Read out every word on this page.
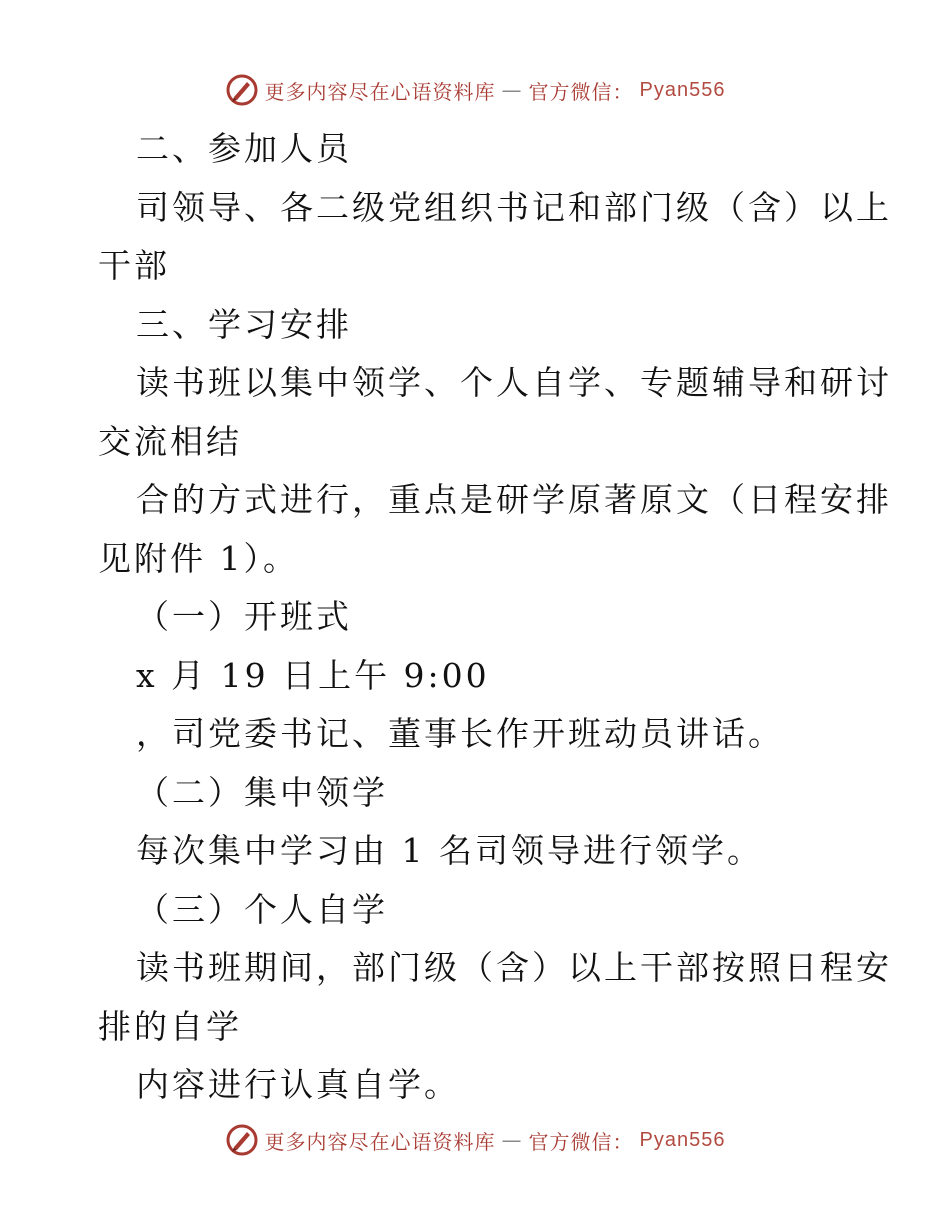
更多内容尽在心语资料库 — 官方微信： Pyan556
二、参加人员
司领导、各二级党组织书记和部门级（含）以上
干部
三、学习安排
读书班以集中领学、个人自学、专题辅导和研讨
交流相结
合的方式进行，重点是研学原著原文（日程安排
见附件 1）。
（一）开班式
x 月 19 日上午 9:00
，司党委书记、董事长作开班动员讲话。
（二）集中领学
每次集中学习由 1 名司领导进行领学。
（三）个人自学
读书班期间，部门级（含）以上干部按照日程安
排的自学
内容进行认真自学。
更多内容尽在心语资料库 — 官方微信： Pyan556
